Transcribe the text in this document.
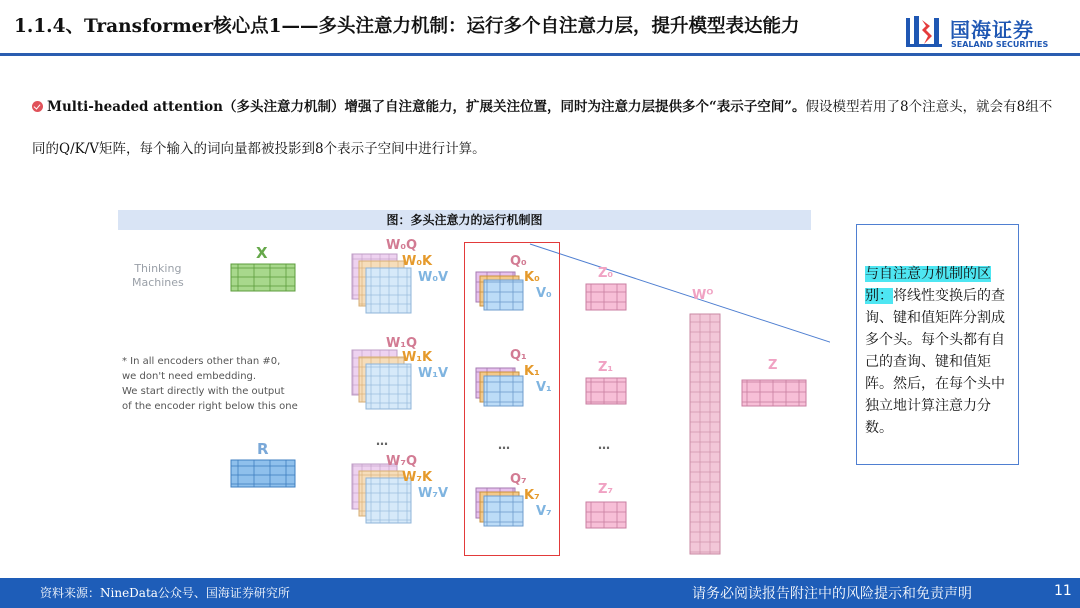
1.1.4、Transformer核心点1——多头注意力机制：运行多个自注意力层，提升模型表达能力	国海证券
SEALAND SECURITIES
Multi-headed attention（多头注意力机制）增强了自注意能力，扩展关注位置，同时为注意力层提供多个“表示子空间”。假设模型若用了8个注意头，就会有8组不同的Q/K/V矩阵，每个输入的词向量都被投影到8个表示子空间中进行计算。
图：多头注意力的运行机制图
Thinking
Machines
X
* In all encoders other than #0,
we don't need embedding.
We start directly with the output
of the encoder right below this one
R
W₀Q
W₀K
W₀V
Q₀
K₀
V₀
Z₀
W₁Q
W₁K
W₁V
Q₁
K₁
V₁
Z₁
…	…	…
W₇Q
W₇K
W₇V
Q₇
K₇
V₇
Z₇
Wᴼ
Z
与自注意力机制的区别：将线性变换后的查询、键和值矩阵分割成多个头。每个头都有自己的查询、键和值矩阵。然后，在每个头中独立地计算注意力分数。
资料来源：NineData公众号、国海证券研究所	请务必阅读报告附注中的风险提示和免责声明	11
